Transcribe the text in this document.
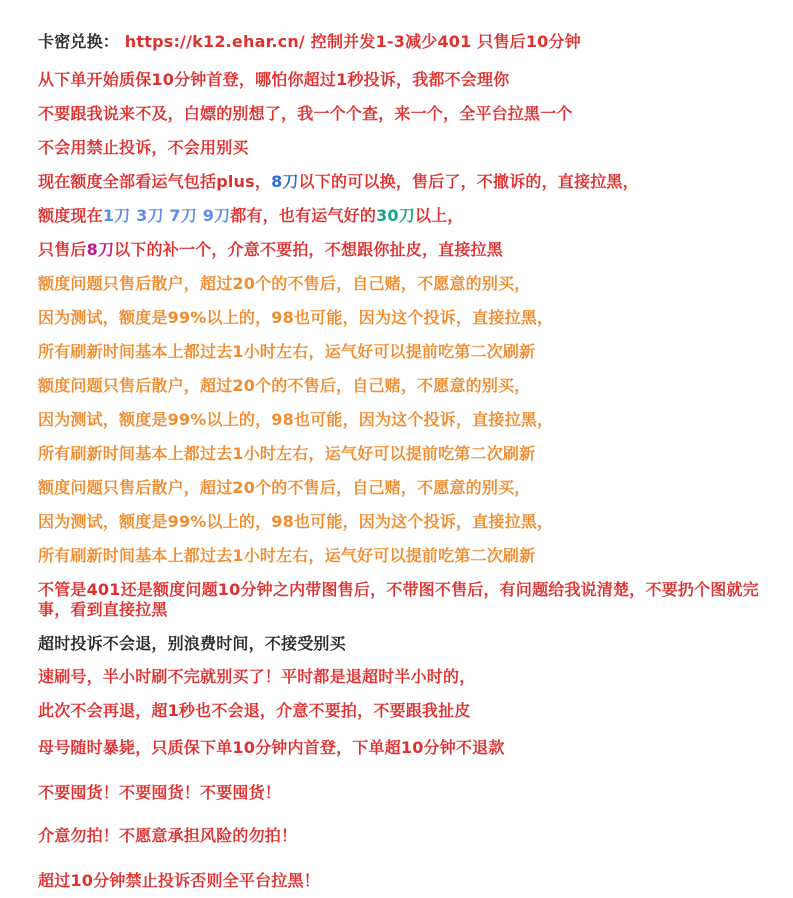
卡密兑换： https://k12.ehar.cn/ 控制并发1-3减少401 只售后10分钟
从下单开始质保10分钟首登，哪怕你超过1秒投诉，我都不会理你
不要跟我说来不及，白嫖的别想了，我一个个查，来一个，全平台拉黑一个
不会用禁止投诉，不会用别买
现在额度全部看运气包括plus，8刀以下的可以换，售后了，不撤诉的，直接拉黑，
额度现在1刀 3刀 7刀 9刀都有，也有运气好的30刀以上，
只售后8刀以下的补一个，介意不要拍，不想跟你扯皮，直接拉黑
额度问题只售后散户，超过20个的不售后，自己赌，不愿意的别买，
因为测试，额度是99%以上的，98也可能，因为这个投诉，直接拉黑，
所有刷新时间基本上都过去1小时左右，运气好可以提前吃第二次刷新
额度问题只售后散户，超过20个的不售后，自己赌，不愿意的别买，
因为测试，额度是99%以上的，98也可能，因为这个投诉，直接拉黑，
所有刷新时间基本上都过去1小时左右，运气好可以提前吃第二次刷新
额度问题只售后散户，超过20个的不售后，自己赌，不愿意的别买，
因为测试，额度是99%以上的，98也可能，因为这个投诉，直接拉黑，
所有刷新时间基本上都过去1小时左右，运气好可以提前吃第二次刷新
不管是401还是额度问题10分钟之内带图售后，不带图不售后，有问题给我说清楚，不要扔个图就完事，看到直接拉黑
超时投诉不会退，别浪费时间，不接受别买
速刷号，半小时刷不完就别买了！平时都是退超时半小时的，
此次不会再退，超1秒也不会退，介意不要拍，不要跟我扯皮
母号随时暴毙，只质保下单10分钟内首登，下单超10分钟不退款
不要囤货！不要囤货！不要囤货！
介意勿拍！不愿意承担风险的勿拍！
超过10分钟禁止投诉否则全平台拉黑！
